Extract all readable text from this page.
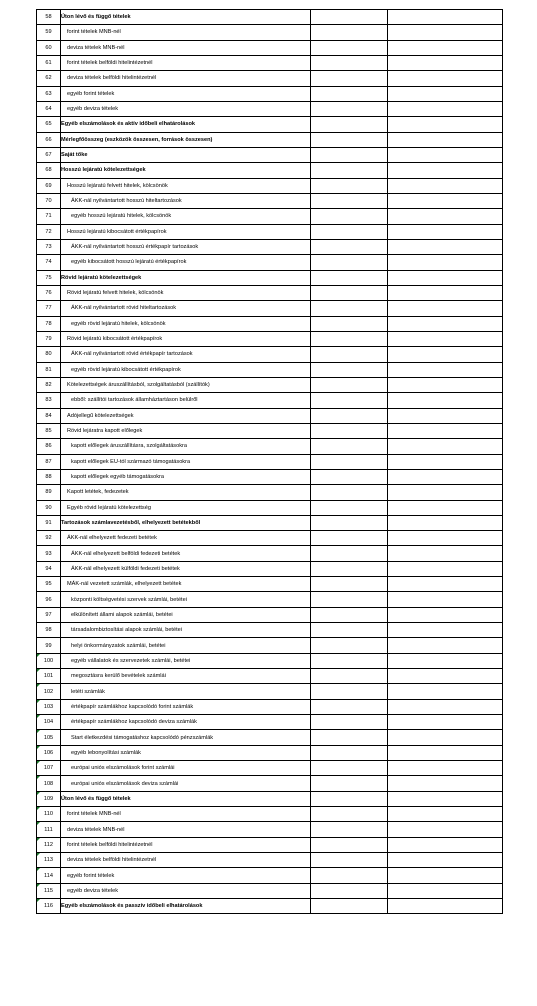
58	Úton lévő és függő tételek		
59	forint tételek MNB-nél		
60	deviza tételek MNB-nél		
61	forint tételek belföldi hitelintézetnél		
62	deviza tételek belföldi hitelintézetnél		
63	egyéb forint tételek		
64	egyéb deviza tételek		
65	Egyéb elszámolások és aktív időbeli elhatárolások		
66	Mérlegfőösszeg (eszközök összesen, források összesen)		
67	Saját tőke		
68	Hosszú lejáratú kötelezettségek		
69	Hosszú lejáratú felvett hitelek, kölcsönök		
70	ÁKK-nál nyilvántartott hosszú hiteltartozások		
71	egyéb hosszú lejáratú hitelek, kölcsönök		
72	Hosszú lejáratú kibocsátott értékpapírok		
73	ÁKK-nál nyilvántartott hosszú értékpapír tartozások		
74	egyéb kibocsátott hosszú lejáratú értékpapírok		
75	Rövid lejáratú kötelezettségek		
76	Rövid lejáratú felvett hitelek, kölcsönök		
77	ÁKK-nál nyilvántartott rövid hiteltartozások		
78	egyéb rövid lejáratú hitelek, kölcsönök		
79	Rövid lejáratú kibocsátott értékpapírok		
80	ÁKK-nál nyilvántartott rövid értékpapír tartozások		
81	egyéb rövid lejáratú kibocsátott értékpapírok		
82	Kötelezettségek áruszállításból, szolgáltatásból (szállítók)		
83	ebből: szállítói tartozások államháztartáson belülről		
84	Adójellegű kötelezettségek		
85	Rövid lejáratra kapott előlegek		
86	kapott előlegek áruszállításra, szolgáltatásokra		
87	kapott előlegek EU-tól származó támogatásokra		
88	kapott előlegek egyéb támogatásokra		
89	Kapott letétek, fedezetek		
90	Egyéb rövid lejáratú kötelezettség		
91	Tartozások számlavezetésből, elhelyezett betétekből		
92	ÁKK-nál elhelyezett fedezeti betétek		
93	ÁKK-nál elhelyezett belföldi fedezeti betétek		
94	ÁKK-nál elhelyezett külföldi fedezeti betétek		
95	MÁK-nál vezetett számlák, elhelyezett betétek		
96	központi költségvetési szervek számlái, betétei		
97	elkülönített állami alapok számlái, betétei		
98	társadalombiztosítási alapok számlái, betétei		
99	helyi önkormányzatok számlái, betétei		
100	egyéb vállalatok és szervezetek számlái, betétei		
101	megosztásra kerülő bevételek számlái		
102	letéti számlák		
103	értékpapír számlákhoz kapcsolódó forint számlák		
104	értékpapír számlákhoz kapcsolódó deviza számlák		
105	Start életkezdési támogatáshoz kapcsolódó pénzszámlák		
106	egyéb lebonyolítási számlák		
107	európai uniós elszámolások forint számlái		
108	európai uniós elszámolások deviza számlái		
109	Úton lévő és függő tételek		
110	forint tételek MNB-nél		
111	deviza tételek MNB-nél		
112	forint tételek belföldi hitelintézetnél		
113	deviza tételek belföldi hitelintézetnél		
114	egyéb forint tételek		
115	egyéb deviza tételek		
116	Egyéb elszámolások és passzív időbeli elhatárolások		
